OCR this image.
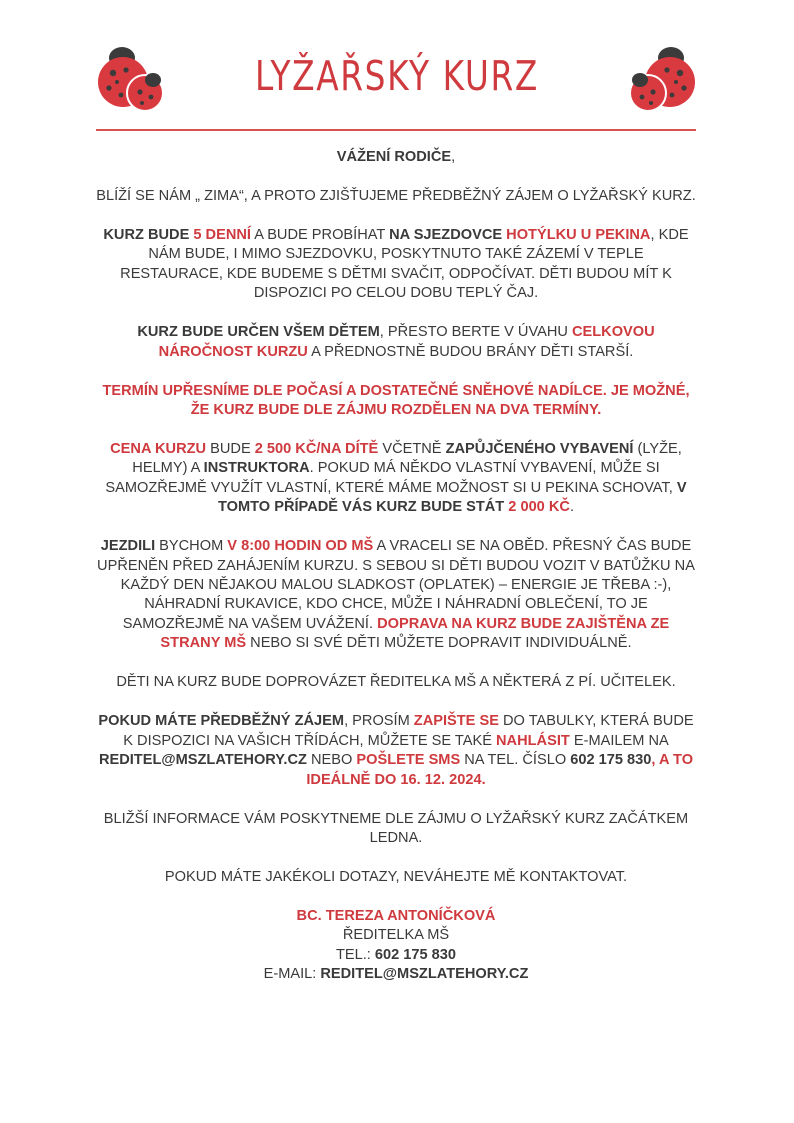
LYŽAŘSKÝ KURZ

VÁŽENÍ RODIČE,

BLÍŽÍ SE NÁM „ ZIMA“, A PROTO ZJIŠŤUJEME PŘEDBĚŽNÝ ZÁJEM O LYŽAŘSKÝ KURZ.

KURZ BUDE 5 DENNÍ A BUDE PROBÍHAT NA SJEZDOVCE HOTÝLKU U PEKINA, KDE NÁM BUDE, I MIMO SJEZDOVKU, POSKYTNUTO TAKÉ ZÁZEMÍ V TEPLE RESTAURACE, KDE BUDEME S DĚTMI SVAČIT, ODPOČÍVAT. DĚTI BUDOU MÍT K DISPOZICI PO CELOU DOBU TEPLÝ ČAJ.

KURZ BUDE URČEN VŠEM DĚTEM, PŘESTO BERTE V ÚVAHU CELKOVOU NÁROČNOST KURZU A PŘEDNOSTNĚ BUDOU BRÁNY DĚTI STARŠÍ.

TERMÍN UPŘESNÍME DLE POČASÍ A DOSTATEČNÉ SNĚHOVÉ NADÍLCE. JE MOŽNÉ, ŽE KURZ BUDE DLE ZÁJMU ROZDĚLEN NA DVA TERMÍNY.

CENA KURZU BUDE 2 500 KČ/NA DÍTĚ VČETNĚ ZAPŮJČENÉHO VYBAVENÍ (LYŽE, HELMY) A INSTRUKTORA. POKUD MÁ NĚKDO VLASTNÍ VYBAVENÍ, MŮŽE SI SAMOZŘEJMĚ VYUŽÍT VLASTNÍ, KTERÉ MÁME MOŽNOST SI U PEKINA SCHOVAT, V TOMTO PŘÍPADĚ VÁS KURZ BUDE STÁT 2 000 KČ.

JEZDILI BYCHOM V 8:00 HODIN OD MŠ A VRACELI SE NA OBĚD. PŘESNÝ ČAS BUDE UPŘENĚN PŘED ZAHÁJENÍM KURZU. S SEBOU SI DĚTI BUDOU VOZIT V BATŮŽKU NA KAŽDÝ DEN NĚJAKOU MALOU SLADKOST (OPLATEK) – ENERGIE JE TŘEBA :-), NÁHRADNÍ RUKAVICE, KDO CHCE, MŮŽE I NÁHRADNÍ OBLEČENÍ, TO JE SAMOZŘEJMĚ NA VAŠEM UVÁŽENÍ. DOPRAVA NA KURZ BUDE ZAJIŠTĚNA ZE STRANY MŠ NEBO SI SVÉ DĚTI MŮŽETE DOPRAVIT INDIVIDUÁLNĚ.

DĚTI NA KURZ BUDE DOPROVÁZET ŘEDITELKA MŠ A NĚKTERÁ Z PÍ. UČITELEK.

POKUD MÁTE PŘEDBĚŽNÝ ZÁJEM, PROSÍM ZAPIŠTE SE DO TABULKY, KTERÁ BUDE K DISPOZICI NA VAŠICH TŘÍDÁCH, MŮŽETE SE TAKÉ NAHLÁSIT E-MAILEM NA REDITEL@MSZLATEHORY.CZ NEBO POŠLETE SMS NA TEL. ČÍSLO 602 175 830, A TO IDEÁLNĚ DO 16. 12. 2024.

BLIŽŠÍ INFORMACE VÁM POSKYTNEME DLE ZÁJMU O LYŽAŘSKÝ KURZ ZAČÁTKEM LEDNA.

POKUD MÁTE JAKÉKOLI DOTAZY, NEVÁHEJTE MĚ KONTAKTOVAT.

BC. TEREZA ANTONÍČKOVÁ
ŘEDITELKA MŠ
TEL.: 602 175 830
E-MAIL: REDITEL@MSZLATEHORY.CZ
